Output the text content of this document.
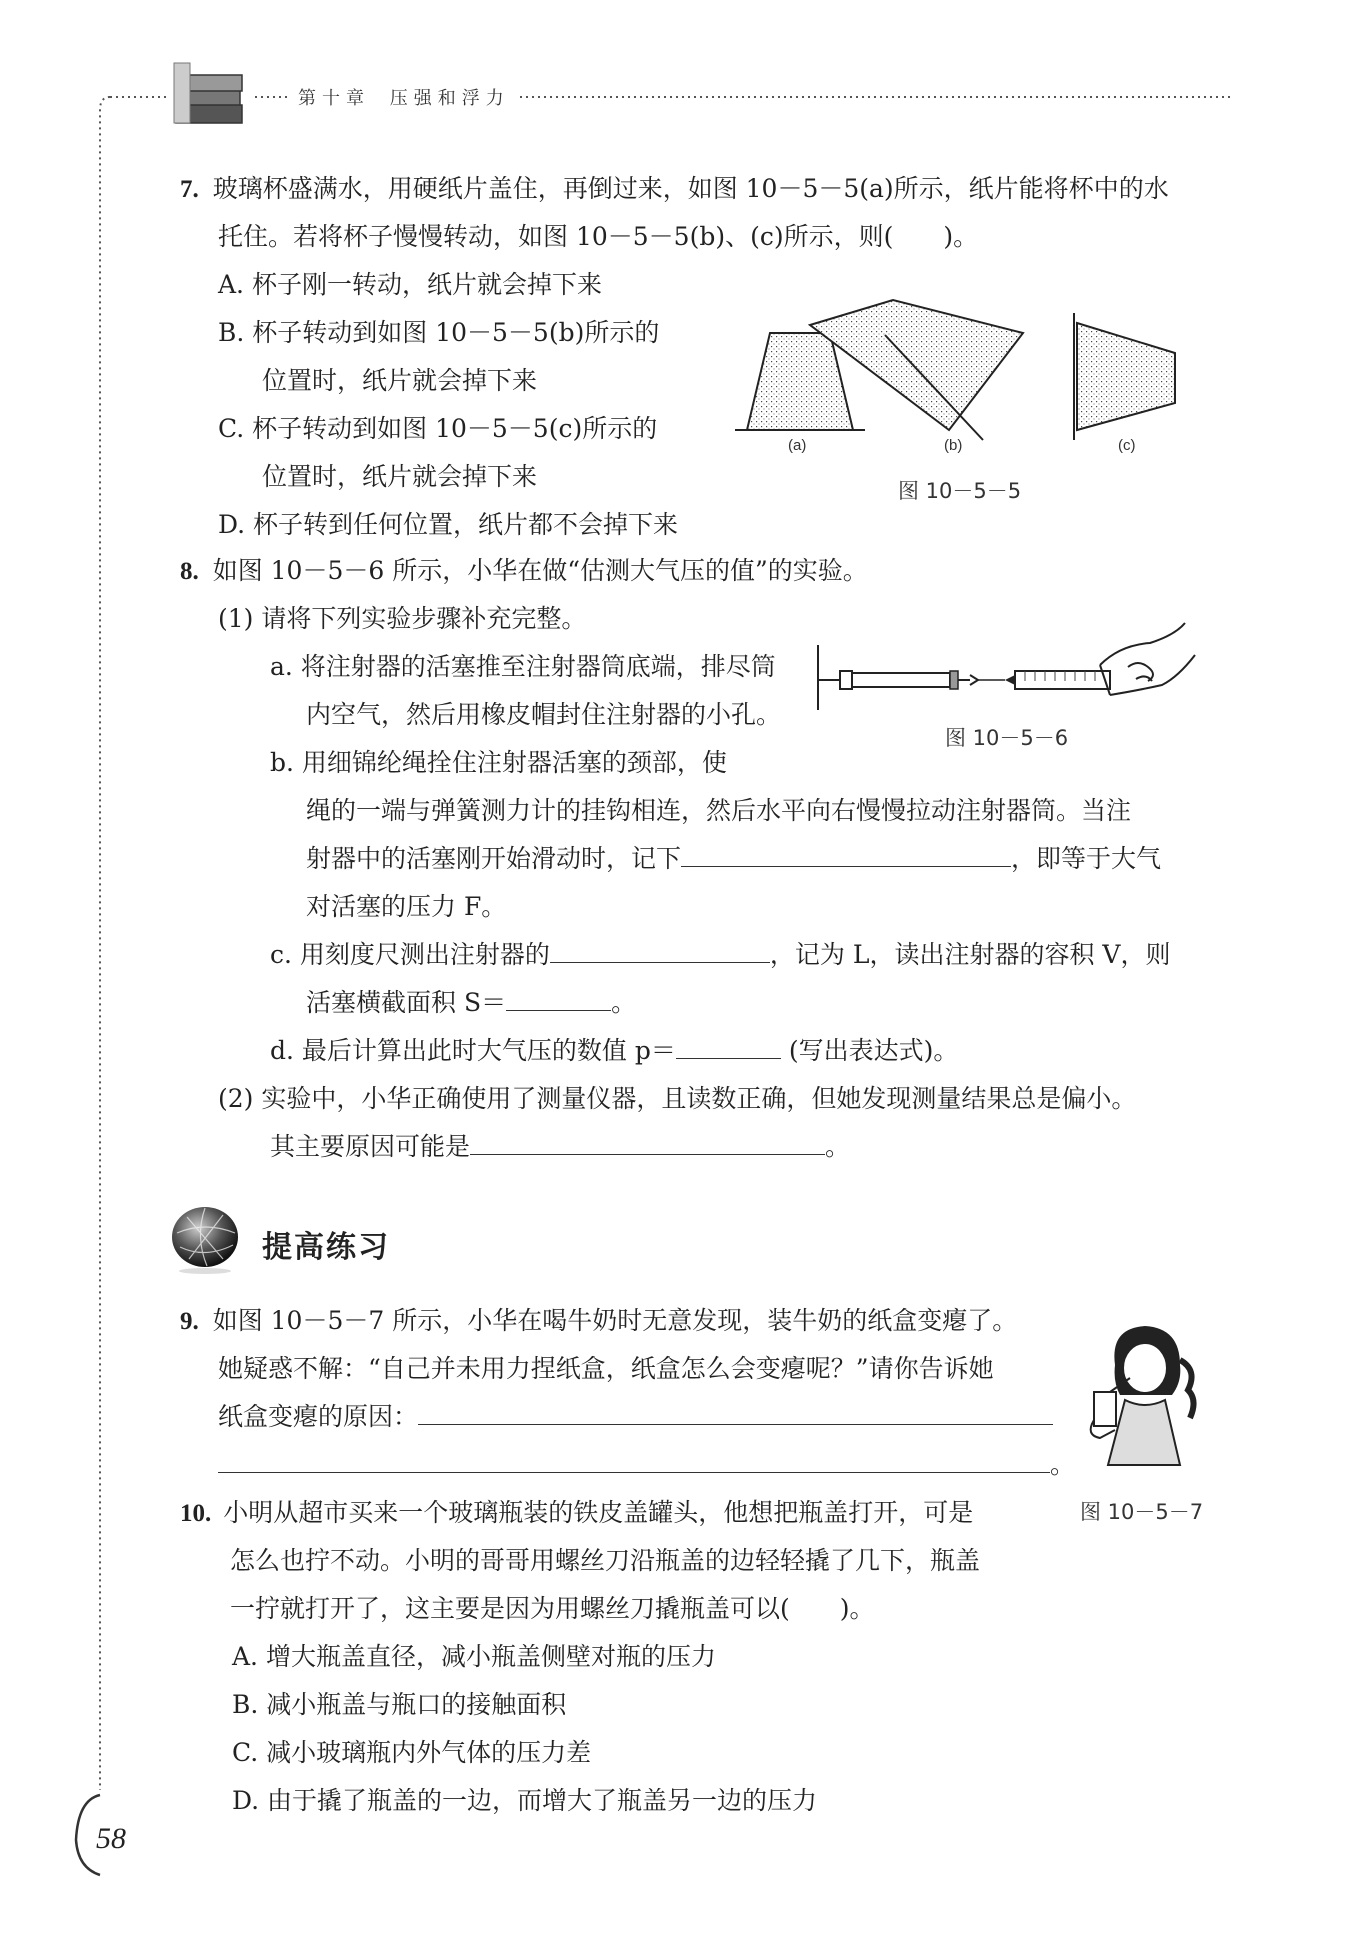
第十章 压强和浮力
7. 玻璃杯盛满水，用硬纸片盖住，再倒过来，如图 10－5－5(a)所示，纸片能将杯中的水
托住。若将杯子慢慢转动，如图 10－5－5(b)、(c)所示，则(　　)。
A. 杯子刚一转动，纸片就会掉下来
B. 杯子转动到如图 10－5－5(b)所示的
位置时，纸片就会掉下来
C. 杯子转动到如图 10－5－5(c)所示的
位置时，纸片就会掉下来
D. 杯子转到任何位置，纸片都不会掉下来
(a)	(b)	(c)
图 10－5－5
8. 如图 10－5－6 所示，小华在做“估测大气压的值”的实验。
(1) 请将下列实验步骤补充完整。
a. 将注射器的活塞推至注射器筒底端，排尽筒
内空气，然后用橡皮帽封住注射器的小孔。
b. 用细锦纶绳拴住注射器活塞的颈部，使
绳的一端与弹簧测力计的挂钩相连，然后水平向右慢慢拉动注射器筒。当注
射器中的活塞刚开始滑动时，记下	，即等于大气
对活塞的压力 F。
c. 用刻度尺测出注射器的	，记为 L，读出注射器的容积 V，则
活塞横截面积 S＝	。
d. 最后计算出此时大气压的数值 p＝	(写出表达式)。
(2) 实验中，小华正确使用了测量仪器，且读数正确，但她发现测量结果总是偏小。
其主要原因可能是	。
图 10－5－6
提高练习
9. 如图 10－5－7 所示，小华在喝牛奶时无意发现，装牛奶的纸盒变瘪了。
她疑惑不解：“自己并未用力捏纸盒，纸盒怎么会变瘪呢？”请你告诉她
纸盒变瘪的原因：
。
图 10－5－7
10. 小明从超市买来一个玻璃瓶装的铁皮盖罐头，他想把瓶盖打开，可是
怎么也拧不动。小明的哥哥用螺丝刀沿瓶盖的边轻轻撬了几下，瓶盖
一拧就打开了，这主要是因为用螺丝刀撬瓶盖可以(　　)。
A. 增大瓶盖直径，减小瓶盖侧壁对瓶的压力
B. 减小瓶盖与瓶口的接触面积
C. 减小玻璃瓶内外气体的压力差
D. 由于撬了瓶盖的一边，而增大了瓶盖另一边的压力
58
